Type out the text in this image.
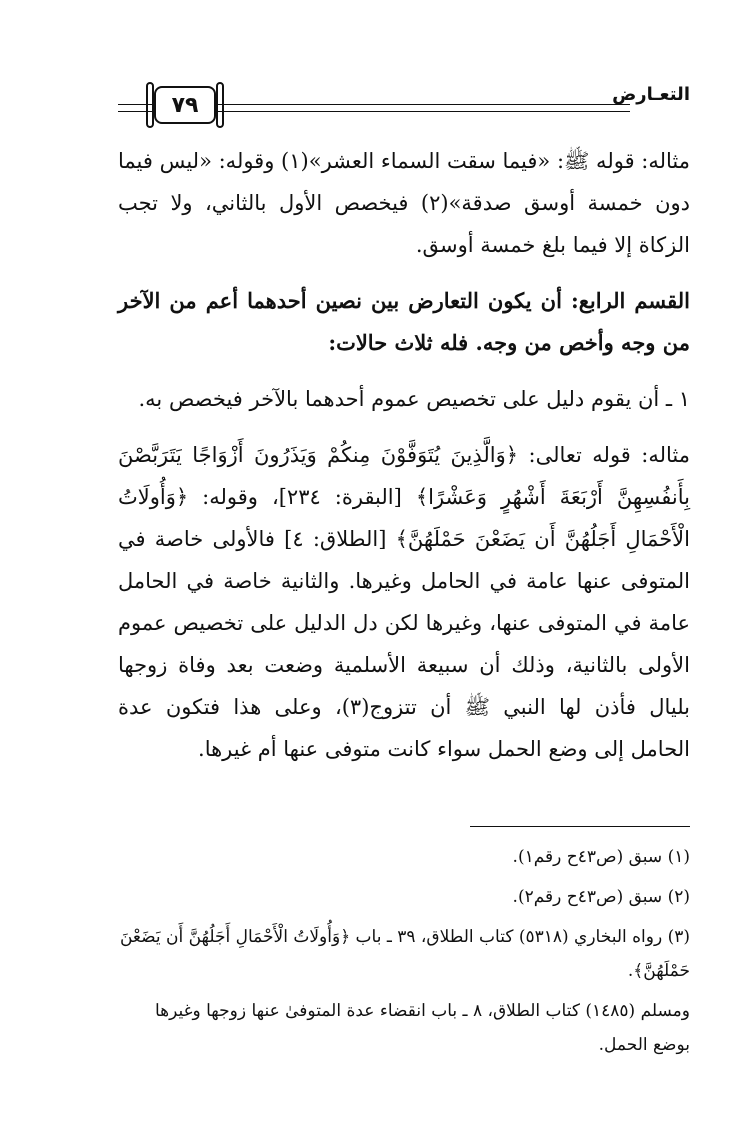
٧٩	التعـارض

مثاله: قوله ﷺ: «فيما سقت السماء العشر»(١) وقوله: «ليس فيما دون خمسة أوسق صدقة»(٢) فيخصص الأول بالثاني، ولا تجب الزكاة إلا فيما بلغ خمسة أوسق.

القسم الرابع: أن يكون التعارض بين نصين أحدهما أعم من الآخر من وجه وأخص من وجه. فله ثلاث حالات:

١ ـ أن يقوم دليل على تخصيص عموم أحدهما بالآخر فيخصص به.

مثاله: قوله تعالى: ﴿وَالَّذِينَ يُتَوَفَّوْنَ مِنكُمْ وَيَذَرُونَ أَزْوَاجًا يَتَرَبَّصْنَ بِأَنفُسِهِنَّ أَرْبَعَةَ أَشْهُرٍ وَعَشْرًا﴾ [البقرة: ٢٣٤]، وقوله: ﴿وَأُولَاتُ الْأَحْمَالِ أَجَلُهُنَّ أَن يَضَعْنَ حَمْلَهُنَّ﴾ [الطلاق: ٤] فالأولى خاصة في المتوفى عنها عامة في الحامل وغيرها. والثانية خاصة في الحامل عامة في المتوفى عنها، وغيرها لكن دل الدليل على تخصيص عموم الأولى بالثانية، وذلك أن سبيعة الأسلمية وضعت بعد وفاة زوجها بليال فأذن لها النبي ﷺ أن تتزوج(٣)، وعلى هذا فتكون عدة الحامل إلى وضع الحمل سواء كانت متوفى عنها أم غيرها.

(١) سبق (ص٤٣ح رقم١).

(٢) سبق (ص٤٣ح رقم٢).

(٣) رواه البخاري (٥٣١٨) كتاب الطلاق، ٣٩ ـ باب ﴿وَأُولَاتُ الْأَحْمَالِ أَجَلُهُنَّ أَن يَضَعْنَ حَمْلَهُنَّ﴾.

ومسلم (١٤٨٥) كتاب الطلاق، ٨ ـ باب انقضاء عدة المتوفىٰ عنها زوجها وغيرها بوضع الحمل.
